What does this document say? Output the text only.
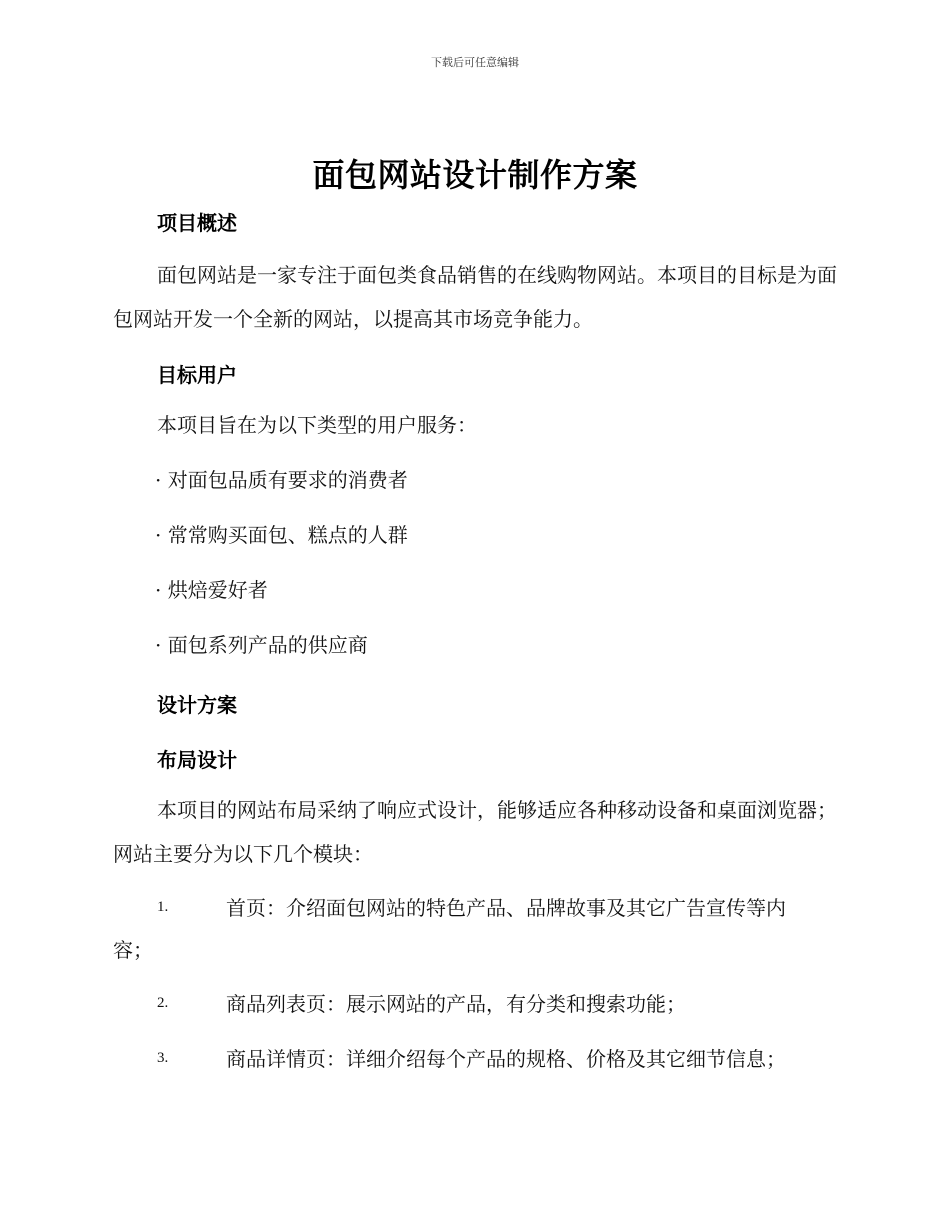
下载后可任意编辑
面包网站设计制作方案
项目概述
面包网站是一家专注于面包类食品销售的在线购物网站。本项目的目标是为面包网站开发一个全新的网站，以提高其市场竞争能力。
目标用户
本项目旨在为以下类型的用户服务：
· 对面包品质有要求的消费者
· 常常购买面包、糕点的人群
· 烘焙爱好者
· 面包系列产品的供应商
设计方案
布局设计
本项目的网站布局采纳了响应式设计，能够适应各种移动设备和桌面浏览器；网站主要分为以下几个模块：
1.	首页：介绍面包网站的特色产品、品牌故事及其它广告宣传等内
容；
2.	商品列表页：展示网站的产品，有分类和搜索功能；
3.	商品详情页：详细介绍每个产品的规格、价格及其它细节信息；
